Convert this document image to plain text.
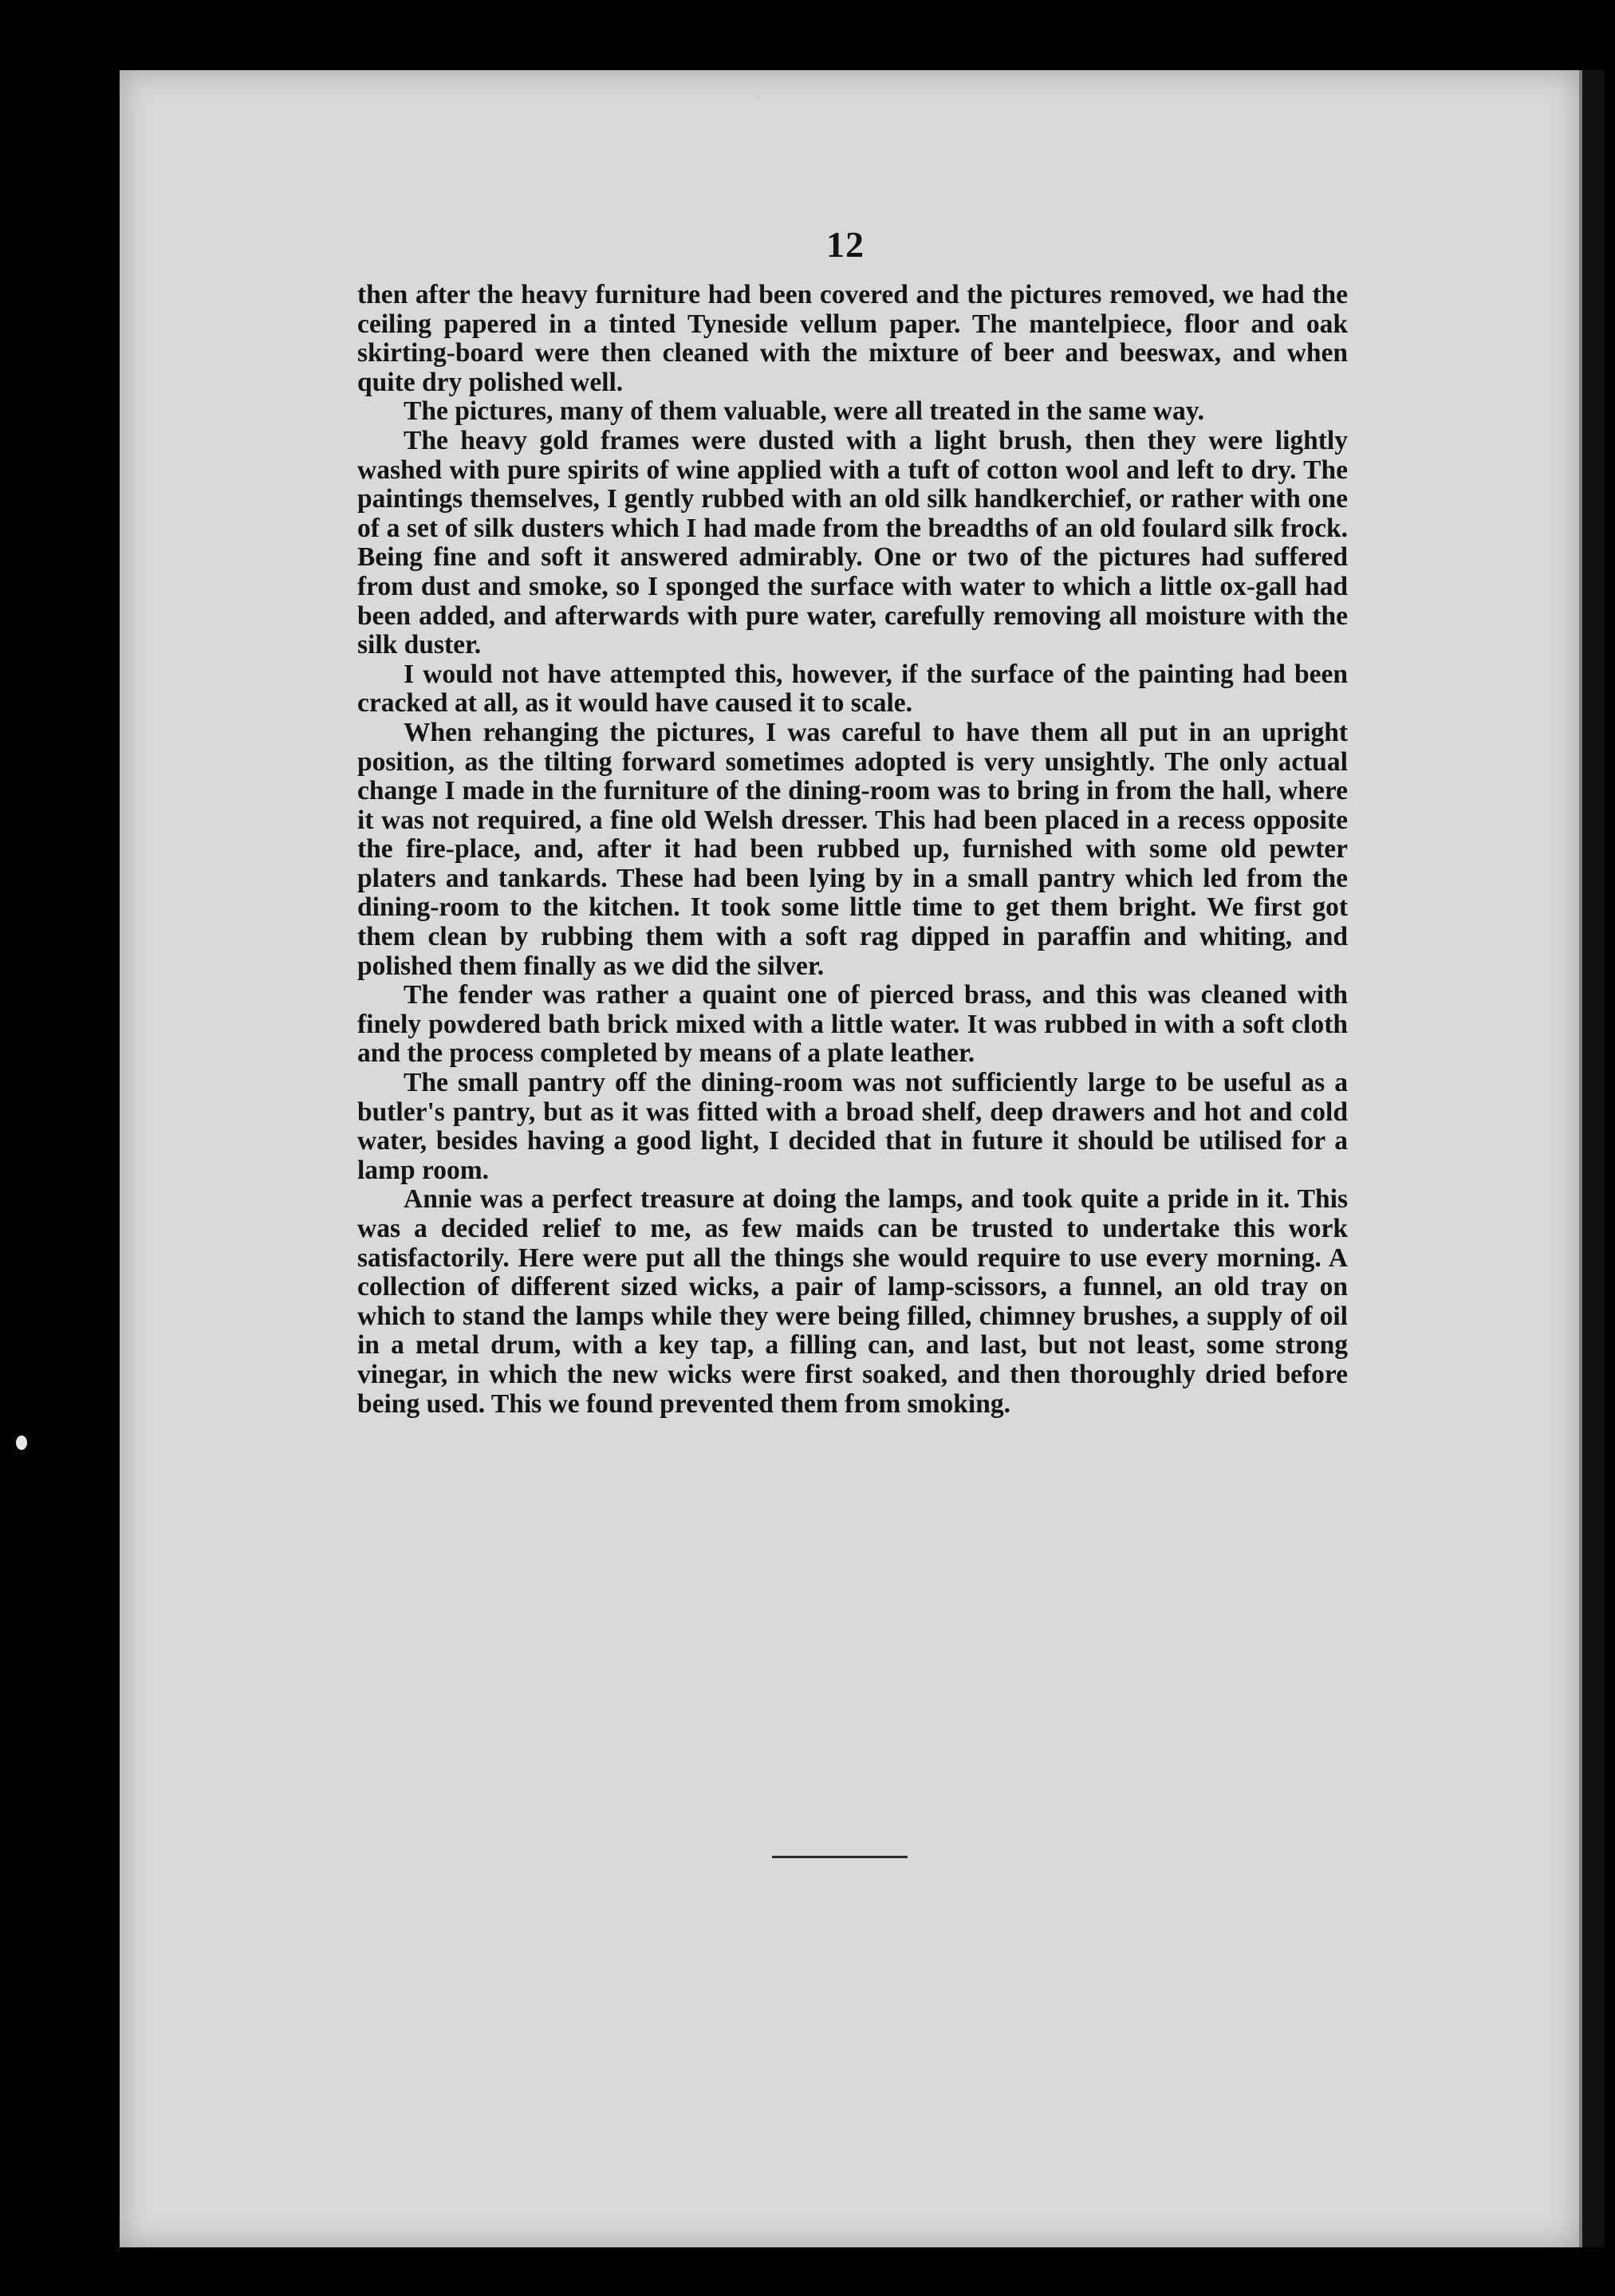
12

then after the heavy furniture had been covered and the pictures removed, we had the ceiling papered in a tinted Tyneside vellum paper. The mantelpiece, floor and oak skirting-board were then cleaned with the mixture of beer and beeswax, and when quite dry polished well.

The pictures, many of them valuable, were all treated in the same way.

The heavy gold frames were dusted with a light brush, then they were lightly washed with pure spirits of wine applied with a tuft of cotton wool and left to dry. The paintings themselves, I gently rubbed with an old silk handkerchief, or rather with one of a set of silk dusters which I had made from the breadths of an old foulard silk frock. Being fine and soft it answered admirably. One or two of the pictures had suffered from dust and smoke, so I sponged the surface with water to which a little ox-gall had been added, and afterwards with pure water, carefully removing all moisture with the silk duster.

I would not have attempted this, however, if the surface of the painting had been cracked at all, as it would have caused it to scale.

When rehanging the pictures, I was careful to have them all put in an upright position, as the tilting forward sometimes adopted is very unsightly. The only actual change I made in the furniture of the dining-room was to bring in from the hall, where it was not required, a fine old Welsh dresser. This had been placed in a recess opposite the fire-place, and, after it had been rubbed up, furnished with some old pewter platers and tankards. These had been lying by in a small pantry which led from the dining-room to the kitchen. It took some little time to get them bright. We first got them clean by rubbing them with a soft rag dipped in paraffin and whiting, and polished them finally as we did the silver.

The fender was rather a quaint one of pierced brass, and this was cleaned with finely powdered bath brick mixed with a little water. It was rubbed in with a soft cloth and the process completed by means of a plate leather.

The small pantry off the dining-room was not sufficiently large to be useful as a butler's pantry, but as it was fitted with a broad shelf, deep drawers and hot and cold water, besides having a good light, I decided that in future it should be utilised for a lamp room.

Annie was a perfect treasure at doing the lamps, and took quite a pride in it. This was a decided relief to me, as few maids can be trusted to undertake this work satisfactorily. Here were put all the things she would require to use every morning. A collection of different sized wicks, a pair of lamp-scissors, a funnel, an old tray on which to stand the lamps while they were being filled, chimney brushes, a supply of oil in a metal drum, with a key tap, a filling can, and last, but not least, some strong vinegar, in which the new wicks were first soaked, and then thoroughly dried before being used. This we found prevented them from smoking.
